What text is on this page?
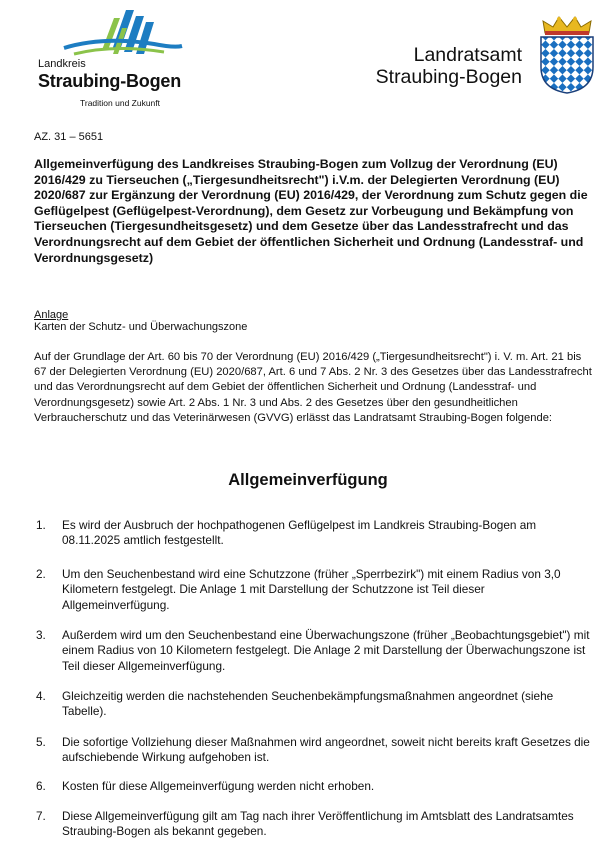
Landkreis
Straubing-Bogen
Tradition und Zukunft
Landratsamt
Straubing-Bogen
AZ. 31 – 5651
Allgemeinverfügung des Landkreises Straubing-Bogen zum Vollzug der Verordnung (EU) 2016/429 zu Tierseuchen („Tiergesundheitsrecht") i.V.m. der Delegierten Verordnung (EU) 2020/687 zur Ergänzung der Verordnung (EU) 2016/429, der Verordnung zum Schutz gegen die Geflügelpest (Geflügelpest-Verordnung), dem Gesetz zur Vorbeugung und Bekämpfung von Tierseuchen (Tiergesundheitsgesetz) und dem Gesetze über das Landesstrafrecht und das Verordnungsrecht auf dem Gebiet der öffentlichen Sicherheit und Ordnung (Landesstraf- und Verordnungsgesetz)
Anlage
Karten der Schutz- und Überwachungszone
Auf der Grundlage der Art. 60 bis 70 der Verordnung (EU) 2016/429 („Tiergesundheitsrecht") i. V. m. Art. 21 bis 67 der Delegierten Verordnung (EU) 2020/687, Art. 6 und 7 Abs. 2 Nr. 3 des Gesetzes über das Landesstrafrecht und das Verordnungsrecht auf dem Gebiet der öffentlichen Sicherheit und Ordnung (Landesstraf- und Verordnungsgesetz) sowie Art. 2 Abs. 1 Nr. 3 und Abs. 2 des Gesetzes über den gesundheitlichen Verbraucherschutz und das Veterinärwesen (GVVG) erlässt das Landratsamt Straubing-Bogen folgende:
Allgemeinverfügung
1. Es wird der Ausbruch der hochpathogenen Geflügelpest im Landkreis Straubing-Bogen am 08.11.2025 amtlich festgestellt.
2. Um den Seuchenbestand wird eine Schutzzone (früher „Sperrbezirk") mit einem Radius von 3,0 Kilometern festgelegt. Die Anlage 1 mit Darstellung der Schutzzone ist Teil dieser Allgemeinverfügung.
3. Außerdem wird um den Seuchenbestand eine Überwachungszone (früher „Beobachtungsgebiet") mit einem Radius von 10 Kilometern festgelegt. Die Anlage 2 mit Darstellung der Überwachungszone ist Teil dieser Allgemeinverfügung.
4. Gleichzeitig werden die nachstehenden Seuchenbekämpfungsmaßnahmen angeordnet (siehe Tabelle).
5. Die sofortige Vollziehung dieser Maßnahmen wird angeordnet, soweit nicht bereits kraft Gesetzes die aufschiebende Wirkung aufgehoben ist.
6. Kosten für diese Allgemeinverfügung werden nicht erhoben.
7. Diese Allgemeinverfügung gilt am Tag nach ihrer Veröffentlichung im Amtsblatt des Landratsamtes Straubing-Bogen als bekannt gegeben.
